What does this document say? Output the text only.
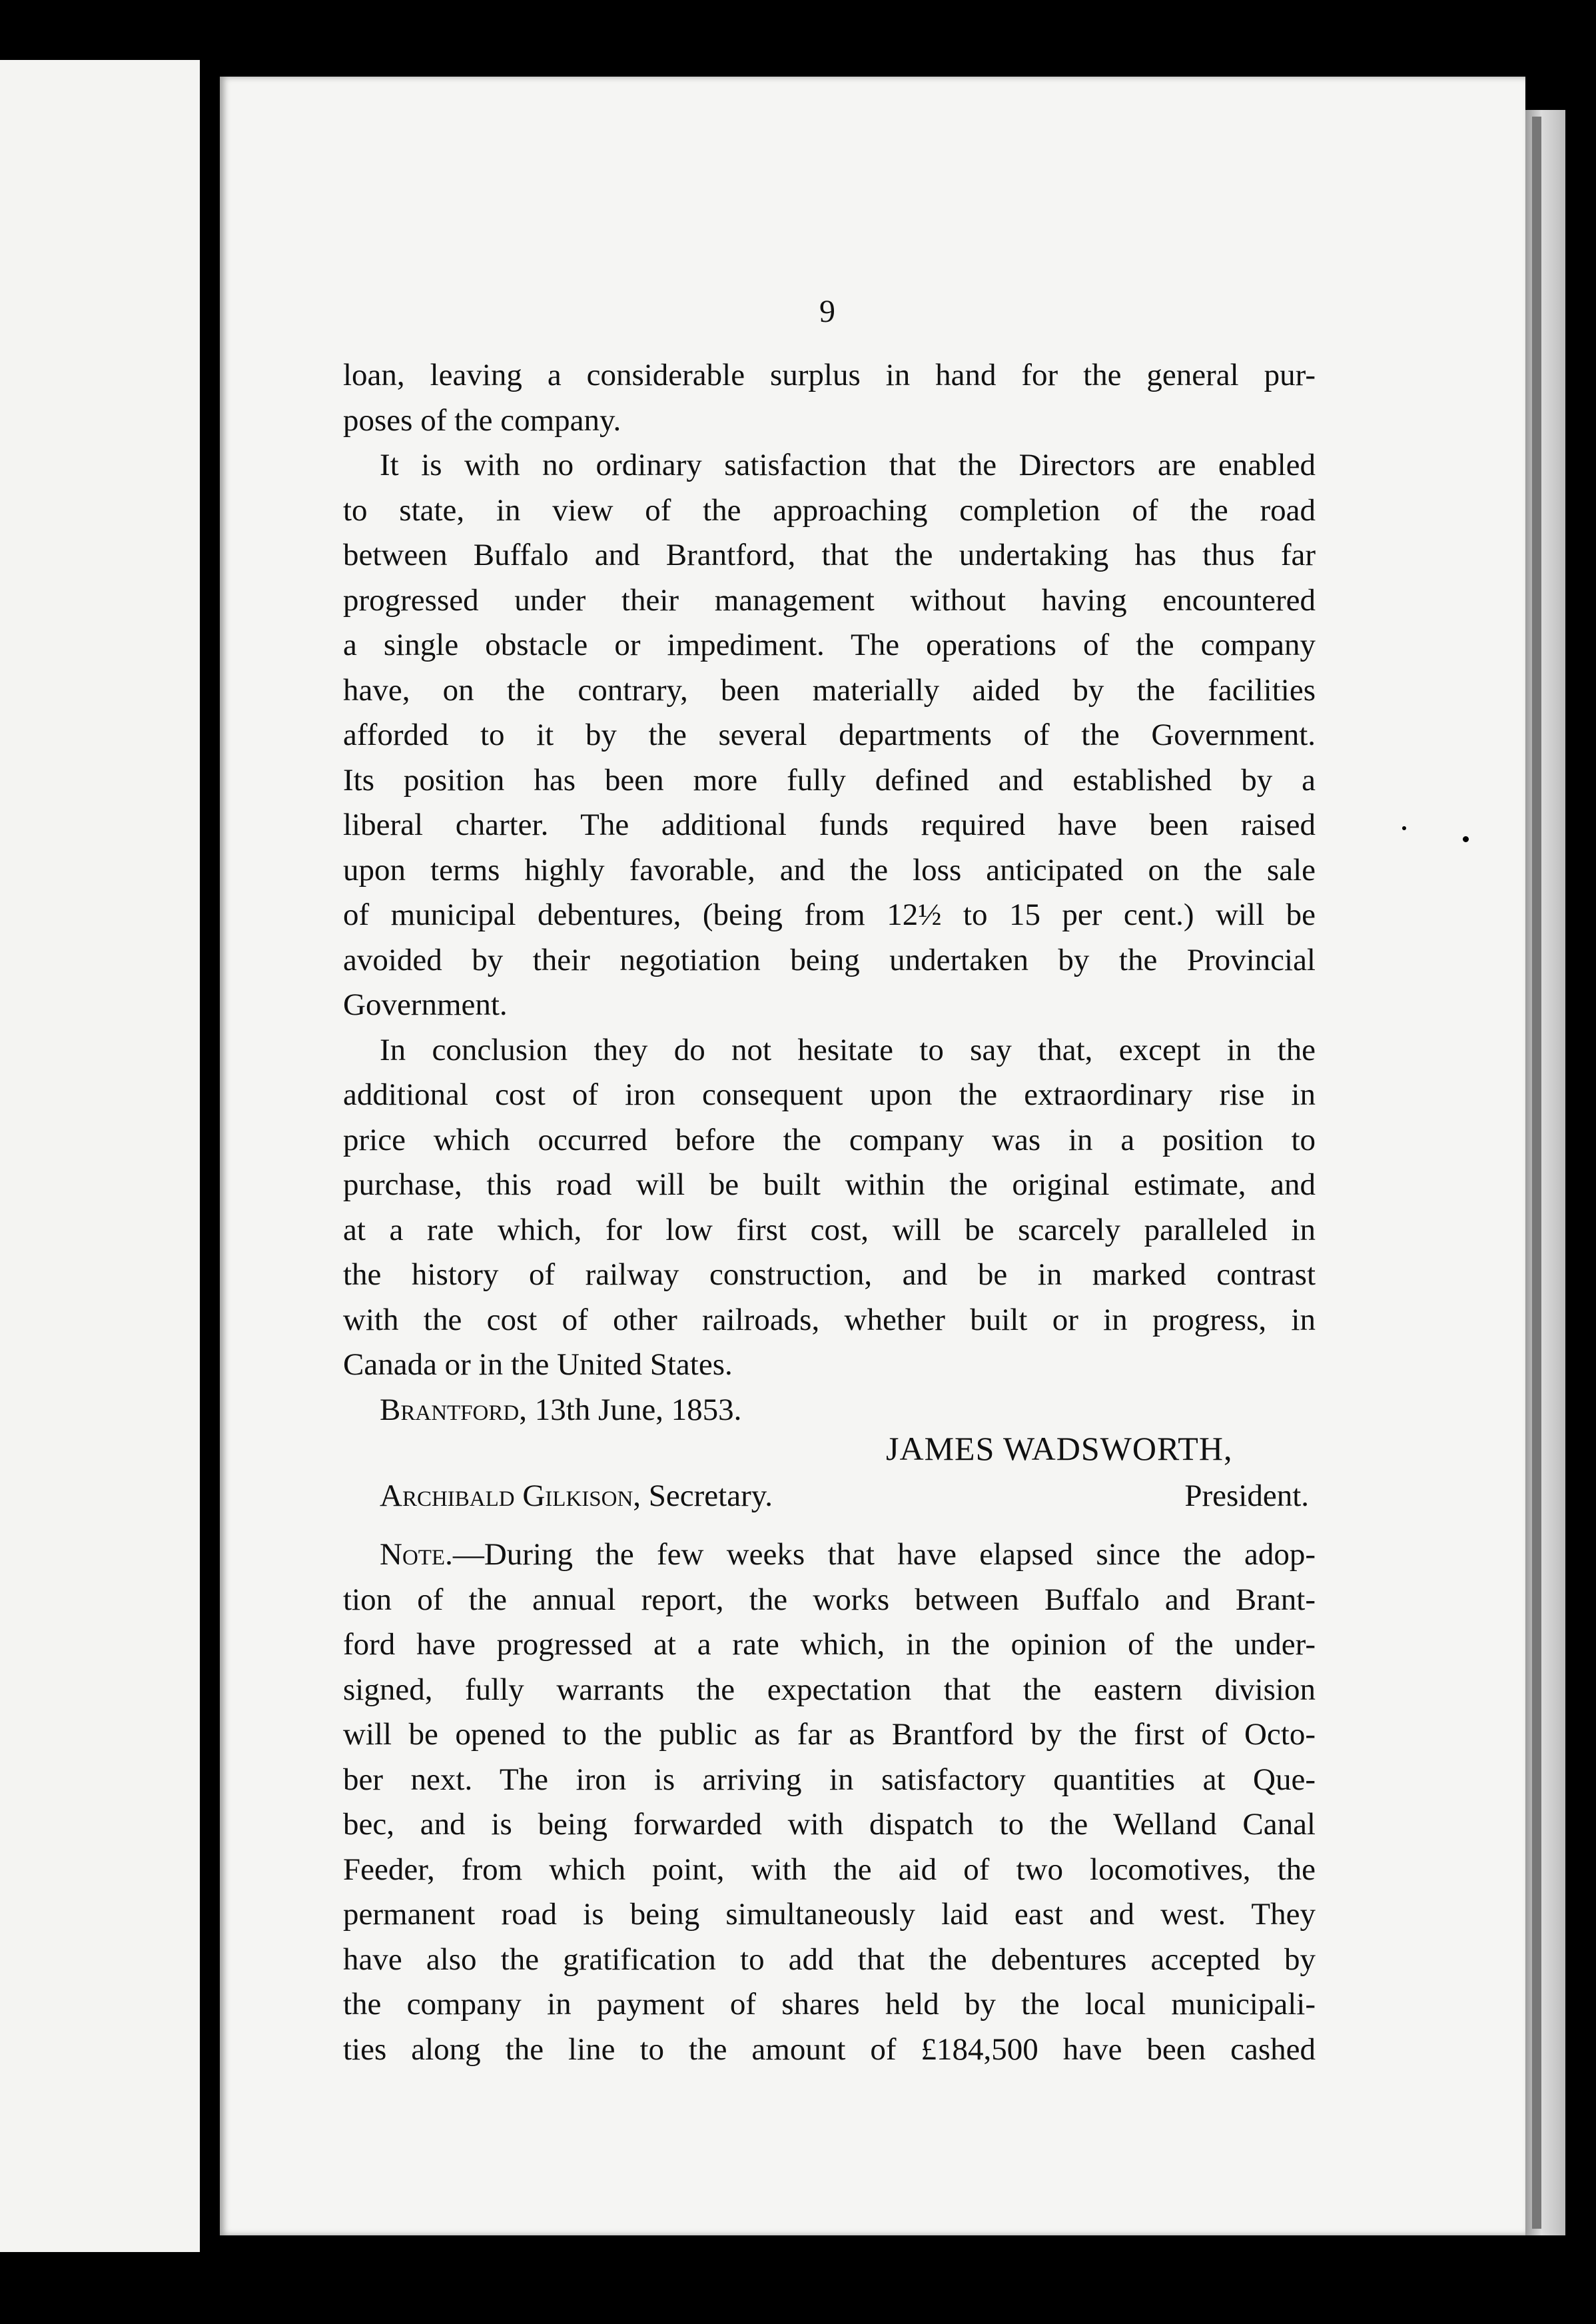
9
loan, leaving a considerable surplus in hand for the general pur-
poses of the company.
It is with no ordinary satisfaction that the Directors are enabled
to state, in view of the approaching completion of the road
between Buffalo and Brantford, that the undertaking has thus far
progressed under their management without having encountered
a single obstacle or impediment. The operations of the company
have, on the contrary, been materially aided by the facilities
afforded to it by the several departments of the Government.
Its position has been more fully defined and established by a
liberal charter. The additional funds required have been raised
upon terms highly favorable, and the loss anticipated on the sale
of municipal debentures, (being from 12½ to 15 per cent.) will be
avoided by their negotiation being undertaken by the Provincial
Government.
In conclusion they do not hesitate to say that, except in the
additional cost of iron consequent upon the extraordinary rise in
price which occurred before the company was in a position to
purchase, this road will be built within the original estimate, and
at a rate which, for low first cost, will be scarcely paralleled in
the history of railway construction, and be in marked contrast
with the cost of other railroads, whether built or in progress, in
Canada or in the United States.
Brantford, 13th June, 1853.
JAMES WADSWORTH,
Archibald Gilkison, Secretary.	President.
Note.—During the few weeks that have elapsed since the adop-
tion of the annual report, the works between Buffalo and Brant-
ford have progressed at a rate which, in the opinion of the under-
signed, fully warrants the expectation that the eastern division
will be opened to the public as far as Brantford by the first of Octo-
ber next. The iron is arriving in satisfactory quantities at Que-
bec, and is being forwarded with dispatch to the Welland Canal
Feeder, from which point, with the aid of two locomotives, the
permanent road is being simultaneously laid east and west. They
have also the gratification to add that the debentures accepted by
the company in payment of shares held by the local municipali-
ties along the line to the amount of £184,500 have been cashed
